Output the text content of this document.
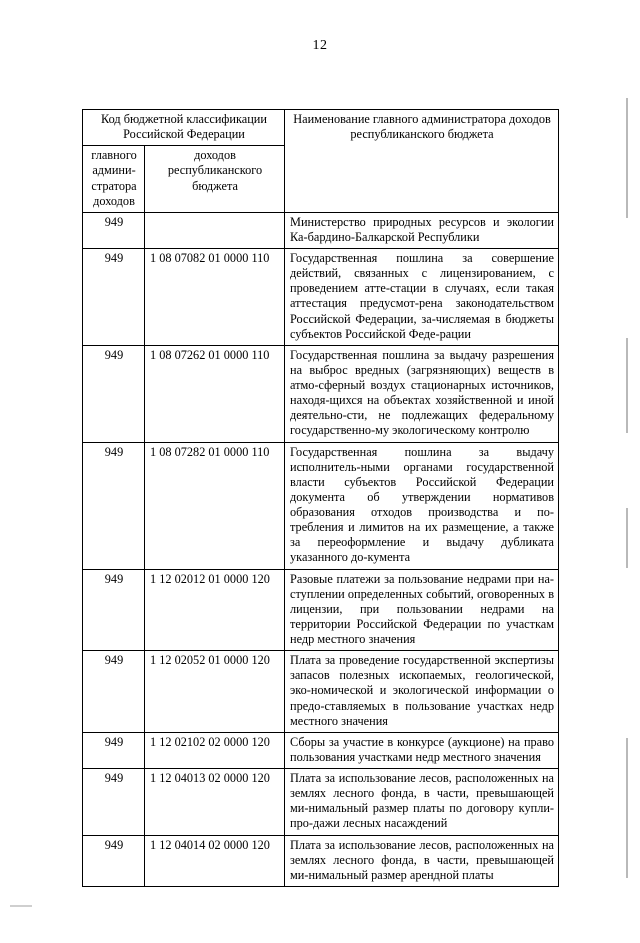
12
Код бюджетной классификации Российской Федерации		Наименование главного администратора доходов республиканского бюджета
главного админи-стратора доходов	доходов республиканского бюджета	
949		Министерство природных ресурсов и экологии Ка-бардино-Балкарской Республики
949	1 08 07082 01 0000 110	Государственная пошлина за совершение действий, связанных с лицензированием, с проведением атте-стации в случаях, если такая аттестация предусмот-рена законодательством Российской Федерации, за-числяемая в бюджеты субъектов Российской Феде-рации
949	1 08 07262 01 0000 110	Государственная пошлина за выдачу разрешения на выброс вредных (загрязняющих) веществ в атмо-сферный воздух стационарных источников, находя-щихся на объектах хозяйственной и иной деятельно-сти, не подлежащих федеральному государственно-му экологическому контролю
949	1 08 07282 01 0000 110	Государственная пошлина за выдачу исполнитель-ными органами государственной власти субъектов Российской Федерации документа об утверждении нормативов образования отходов производства и по-требления и лимитов на их размещение, а также за переоформление и выдачу дубликата указанного до-кумента
949	1 12 02012 01 0000 120	Разовые платежи за пользование недрами при на-ступлении определенных событий, оговоренных в лицензии, при пользовании недрами на территории Российской Федерации по участкам недр местного значения
949	1 12 02052 01 0000 120	Плата за проведение государственной экспертизы запасов полезных ископаемых, геологической, эко-номической и экологической информации о предо-ставляемых в пользование участках недр местного значения
949	1 12 02102 02 0000 120	Сборы за участие в конкурсе (аукционе) на право пользования участками недр местного значения
949	1 12 04013 02 0000 120	Плата за использование лесов, расположенных на землях лесного фонда, в части, превышающей ми-нимальный размер платы по договору купли-про-дажи лесных насаждений
949	1 12 04014 02 0000 120	Плата за использование лесов, расположенных на землях лесного фонда, в части, превышающей ми-нимальный размер арендной платы
